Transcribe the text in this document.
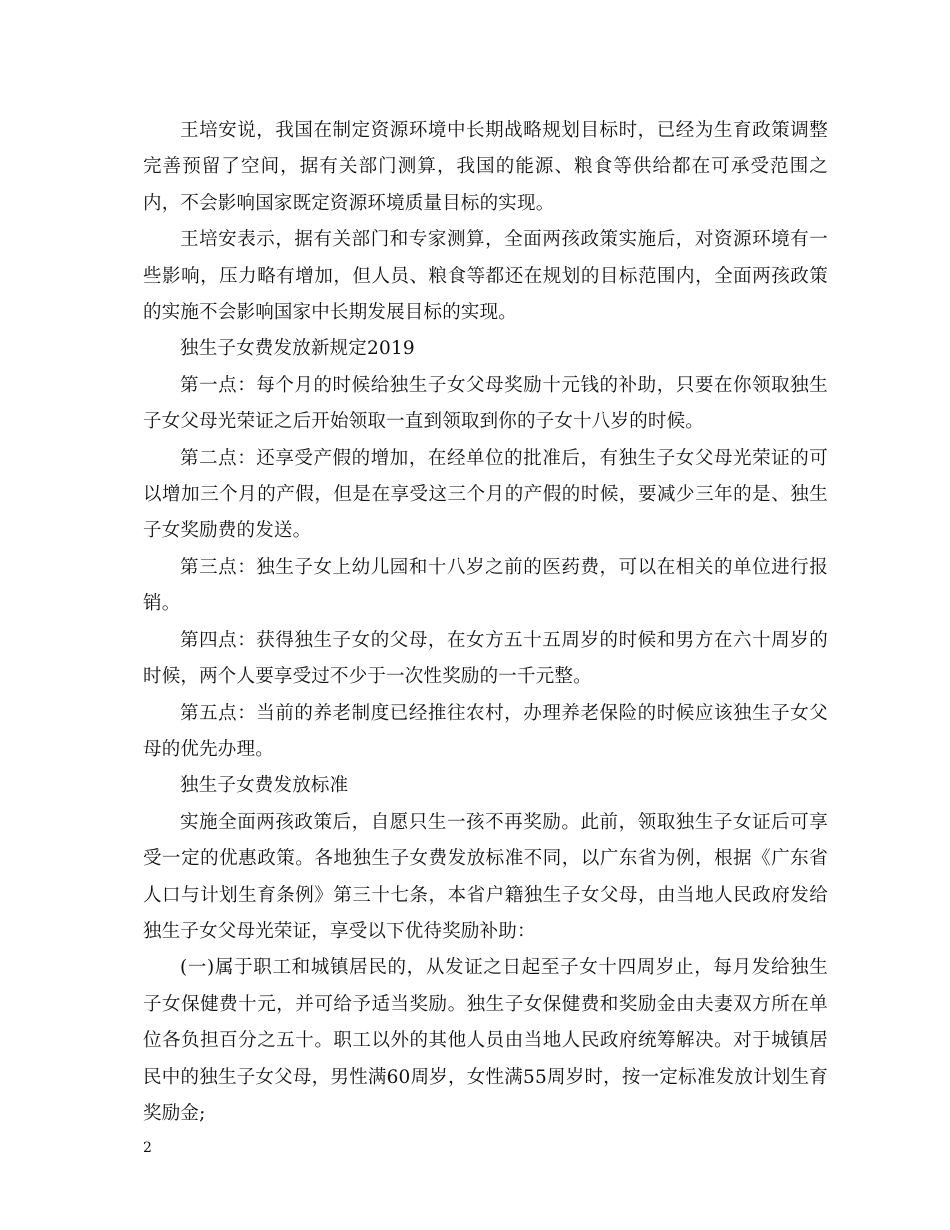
王培安说，我国在制定资源环境中长期战略规划目标时，已经为生育政策调整完善预留了空间，据有关部门测算，我国的能源、粮食等供给都在可承受范围之内，不会影响国家既定资源环境质量目标的实现。

王培安表示，据有关部门和专家测算，全面两孩政策实施后，对资源环境有一些影响，压力略有增加，但人员、粮食等都还在规划的目标范围内，全面两孩政策的实施不会影响国家中长期发展目标的实现。

独生子女费发放新规定2019

第一点：每个月的时候给独生子女父母奖励十元钱的补助，只要在你领取独生子女父母光荣证之后开始领取一直到领取到你的子女十八岁的时候。

第二点：还享受产假的增加，在经单位的批准后，有独生子女父母光荣证的可以增加三个月的产假，但是在享受这三个月的产假的时候，要减少三年的是、独生子女奖励费的发送。

第三点：独生子女上幼儿园和十八岁之前的医药费，可以在相关的单位进行报销。

第四点：获得独生子女的父母，在女方五十五周岁的时候和男方在六十周岁的时候，两个人要享受过不少于一次性奖励的一千元整。

第五点：当前的养老制度已经推往农村，办理养老保险的时候应该独生子女父母的优先办理。

独生子女费发放标准

实施全面两孩政策后，自愿只生一孩不再奖励。此前，领取独生子女证后可享受一定的优惠政策。各地独生子女费发放标准不同，以广东省为例，根据《广东省人口与计划生育条例》第三十七条，本省户籍独生子女父母，由当地人民政府发给独生子女父母光荣证，享受以下优待奖励补助：

(一)属于职工和城镇居民的，从发证之日起至子女十四周岁止，每月发给独生子女保健费十元，并可给予适当奖励。独生子女保健费和奖励金由夫妻双方所在单位各负担百分之五十。职工以外的其他人员由当地人民政府统筹解决。对于城镇居民中的独生子女父母，男性满60周岁，女性满55周岁时，按一定标准发放计划生育奖励金;

2
